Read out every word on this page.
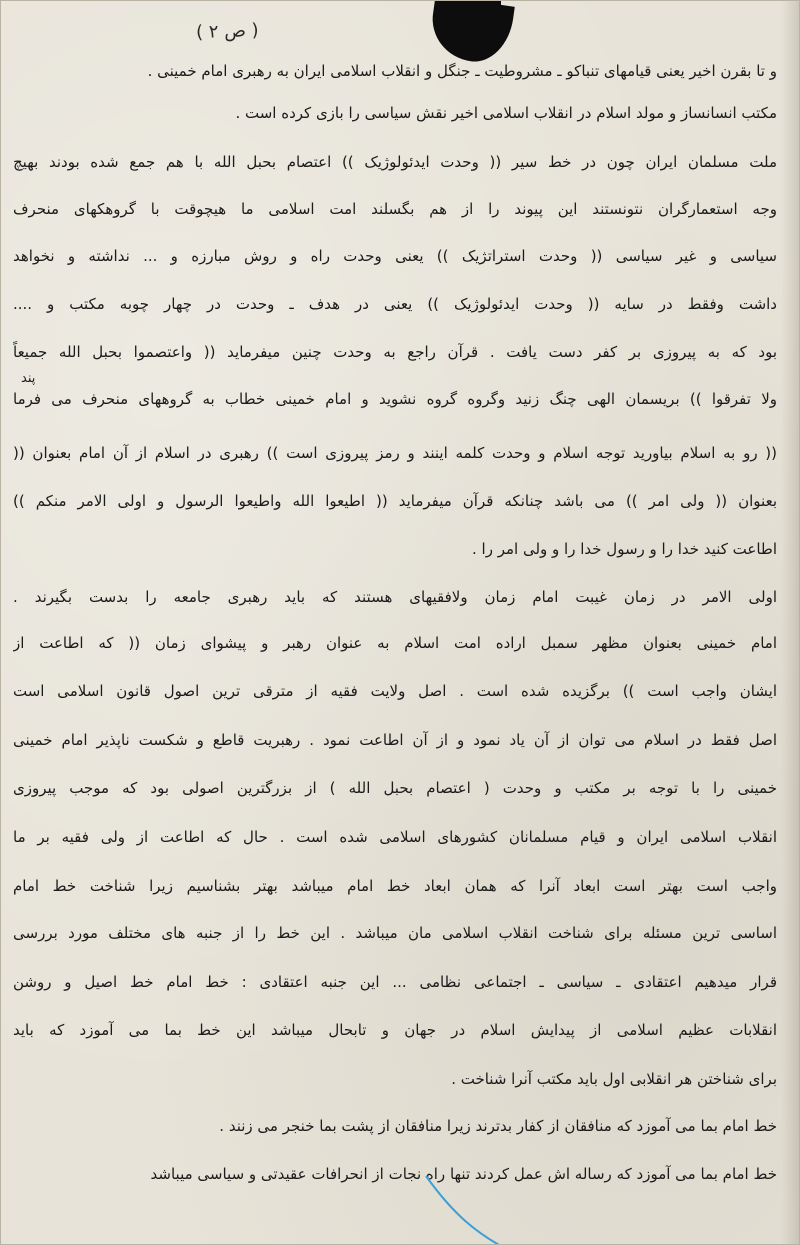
( ص ۲ )
و تا بقرن اخیر یعنی قیامهای تنباکو ـ مشروطیت ـ جنگل و انقلاب اسلامی ایران به رهبری امام خمینی .
مکتب انسانساز و مولد اسلام در انقلاب اسلامی اخیر نقش سیاسی را بازی کرده است .
ملت مسلمان ایران چون در خط سیر (( وحدت ایدئولوژیک )) اعتصام بحبل الله با هم جمع شده بودند بهیچ
وجه استعمارگران نتونستند این پیوند را از هم بگسلند امت اسلامی ما هیچوقت با گروهکهای منحرف
سیاسی و غیر سیاسی (( وحدت استراتژیک )) یعنی وحدت راه و روش مبارزه و ... نداشته و نخواهد
داشت وفقط در سایه (( وحدت ایدئولوژیک )) یعنی در هدف ـ وحدت در چهار چوبه مکتب و ....
بود که به پیروزی بر کفر دست یافت . قرآن راجع به وحدت چنین میفرماید (( واعتصموا بحبل الله جمیعاً
ولا تفرقوا )) بریسمان الهی چنگ زنید وگروه گروه نشوید و امام خمینی خطاب به گروههای منحرف می فرما
(( رو به اسلام بیاورید توجه اسلام و وحدت کلمه اینند و رمز پیروزی است )) رهبری در اسلام از آن امام بعنوان ((
بعنوان (( ولی امر )) می باشد چنانکه قرآن میفرماید (( اطیعوا الله واطیعوا الرسول و اولی الامر منکم ))
اطاعت کنید خدا را و رسول خدا را و ولی امر را .
اولی الامر در زمان غیبت امام زمان ولافقیهای هستند که باید رهبری جامعه را بدست بگیرند .
امام خمینی بعنوان مظهر سمبل اراده امت اسلام به عنوان رهبر و پیشوای زمان (( که اطاعت از
ایشان واجب است )) برگزیده شده است . اصل ولایت فقیه از مترقی ترین اصول قانون اسلامی است
اصل فقط در اسلام می توان از آن یاد نمود و از آن اطاعت نمود . رهبریت قاطع و شکست ناپذیر امام خمینی
خمینی را با توجه بر مکتب و وحدت ( اعتصام بحبل الله ) از بزرگترین اصولی بود که موجب پیروزی
انقلاب اسلامی ایران و قیام مسلمانان کشورهای اسلامی شده است . حال که اطاعت از ولی فقیه بر ما
واجب است بهتر است ابعاد آنرا که همان ابعاد خط امام میباشد بهتر بشناسیم زیرا شناخت خط امام
اساسی ترین مسئله برای شناخت انقلاب اسلامی مان میباشد . این خط را از جنبه های مختلف مورد بررسی
قرار میدهیم اعتقادی ـ سیاسی ـ اجتماعی نظامی ... این جنبه اعتقادی : خط امام خط اصیل و روشن
انقلابات عظیم اسلامی از پیدایش اسلام در جهان و تابحال میباشد این خط بما می آموزد که باید
برای شناختن هر انقلابی اول باید مکتب آنرا شناخت .
خط امام بما می آموزد که منافقان از کفار بدترند زیرا منافقان از پشت بما خنجر می زنند .
خط امام بما می آموزد که رساله اش عمل کردند تنها راه نجات از انحرافات عقیدتی و سیاسی میباشد
پند
